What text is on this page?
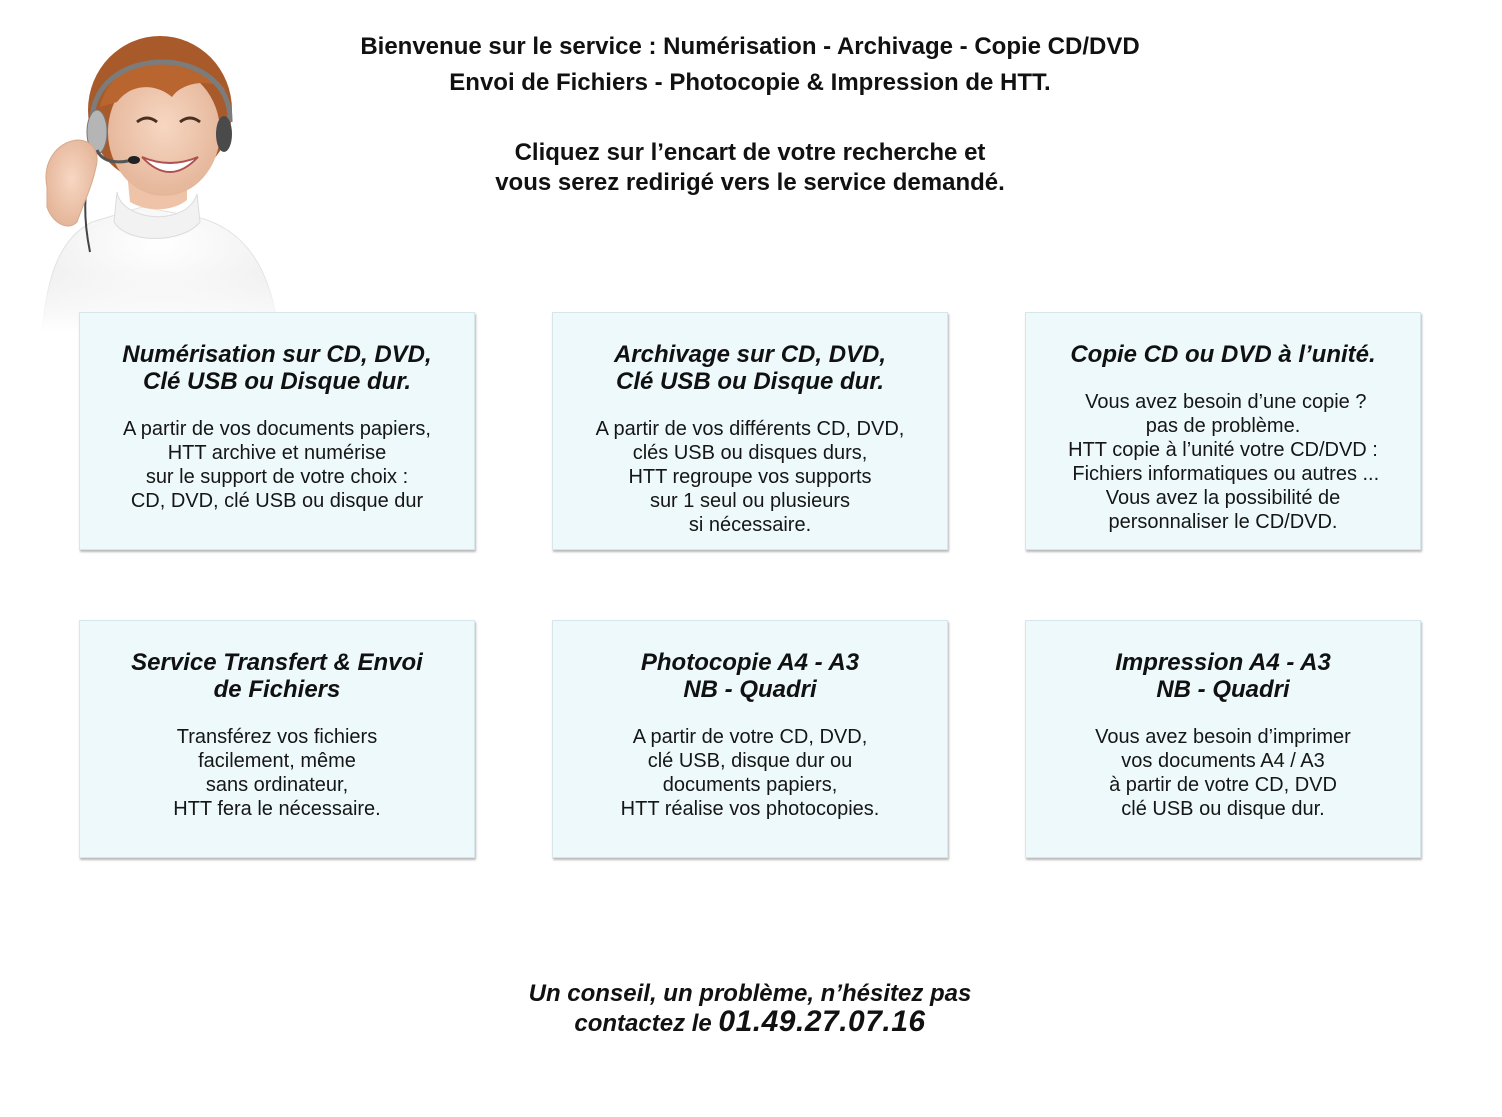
Bienvenue sur le service : Numérisation - Archivage - Copie CD/DVD

Envoi de Fichiers - Photocopie & Impression de HTT.

Cliquez sur l’encart de votre recherche et

vous serez redirigé vers le service demandé.

Numérisation sur CD, DVD,
Clé USB ou Disque dur.
A partir de vos documents papiers,
HTT archive et numérise
sur le support de votre choix :
CD, DVD, clé USB ou disque dur
Archivage sur CD, DVD,
Clé USB ou Disque dur.
A partir de vos différents CD, DVD,
clés USB ou disques durs,
HTT regroupe vos supports
sur 1 seul ou plusieurs
si nécessaire.
Copie CD ou DVD à l’unité.
Vous avez besoin d’une copie ?
pas de problème.
HTT copie à l’unité votre CD/DVD :
Fichiers informatiques ou autres ...
Vous avez la possibilité de
personnaliser le CD/DVD.
Service Transfert & Envoi
de Fichiers
Transférez vos fichiers
facilement, même
sans ordinateur,
HTT fera le nécessaire.
Photocopie A4 - A3
NB - Quadri
A partir de votre CD, DVD,
clé USB, disque dur ou
documents papiers,
HTT réalise vos photocopies.
Impression A4 - A3
NB - Quadri
Vous avez besoin d’imprimer
vos documents A4 / A3
à partir de votre CD, DVD
clé USB ou disque dur.
Un conseil, un problème, n’hésitez pas
contactez le 01.49.27.07.16
